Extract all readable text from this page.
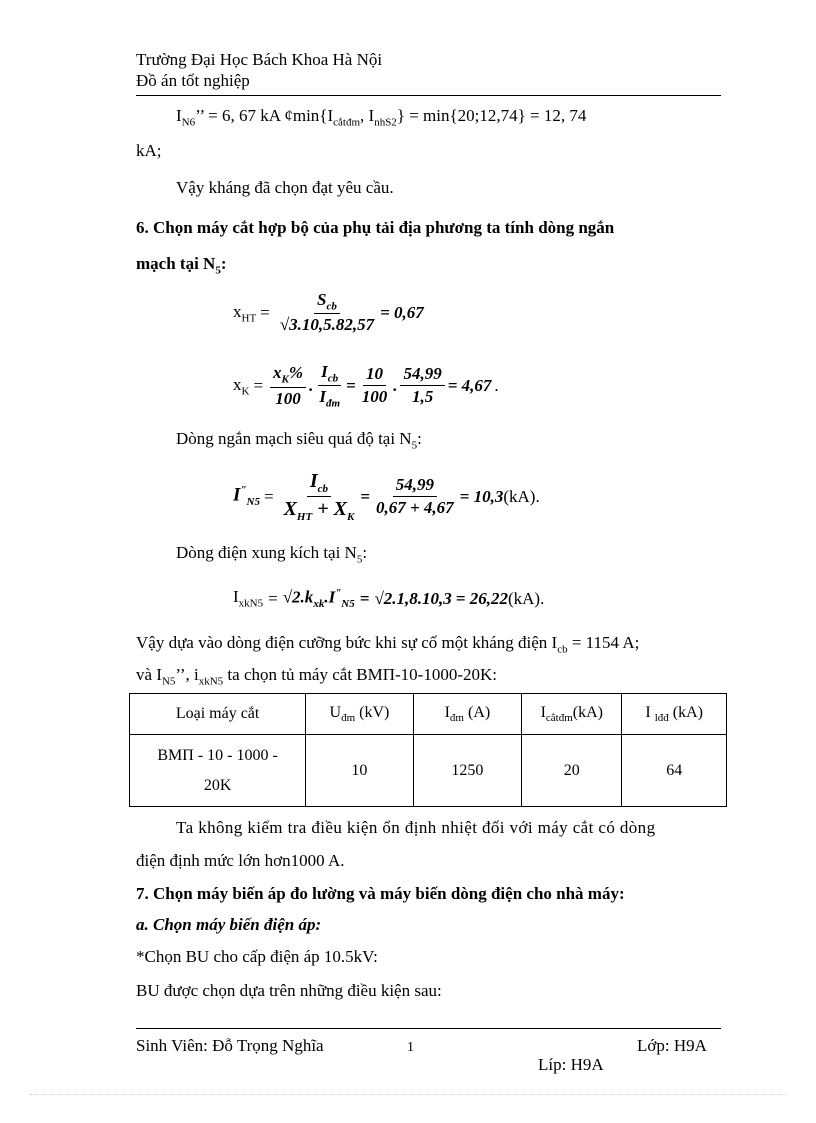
Trường Đại Học Bách Khoa Hà Nội
Đồ án tốt nghiệp
$I_{N6}$’’ = 6, 67 kA $¢\min\{I_{cắtđm}$, $I_{nhS2}$} = min{20;12,74} = 12, 74
kA;
Vậy kháng đã chọn đạt yêu cầu.
6. Chọn máy cắt hợp bộ của phụ tải địa phương ta tính dòng ngắn
mạch tại $N_5$:
$x_{HT} = \frac{S_{cb}}{√3.10,5.82,57} = 0,67$
$x_K = \frac{x_K\%}{100}$ . $\frac{I_{cb}}{I_{đm}} = \frac{10}{100}$ . $\frac{54,99}{1,5} = 4,67$ .
Dòng ngắn mạch siêu quá độ tại $N_5$:
$I^"_{N5} = \frac{I_{cb}}{X_{HT} + X_K} = \frac{54,99}{0,67 + 4,67} = 10,3$ (kA).
Dòng điện xung kích tại $N_5$:
$I_{xkN5} = √2.k_{xk}.I^"_{N5} = √2.1,8.10,3 = 26,22$ (kA).
Vậy dựa vào dòng điện cưỡng bức khi sự cố một kháng điện $I_{cb} = 1154$ A;
và $I_{N5}$’’, $i_{xkN5}$ ta chọn tủ máy cắt BMΠ-10-1000-20K:
Loại máy cắt	$U_{đm}$ (kV)	$I_{đm}$ (A)	$I_{cắtđm}(kA)$	I $_{lđđ}$ (kA)
BMΠ - 10 - 1000 -
20K	10	1250	20	64
Ta không kiểm tra điều kiện ổn định nhiệt đối với máy cắt có dòng
điện định mức lớn hơn1000 A.
7. Chọn máy biến áp đo lường và máy biến dòng điện cho nhà máy:
a. Chọn máy biến điện áp:
*Chọn BU cho cấp điện áp 10.5kV:
BU được chọn dựa trên những điều kiện sau:
Sinh Viên: Đỗ Trọng Nghĩa	1	Lớp: H9A
Líp: H9A
